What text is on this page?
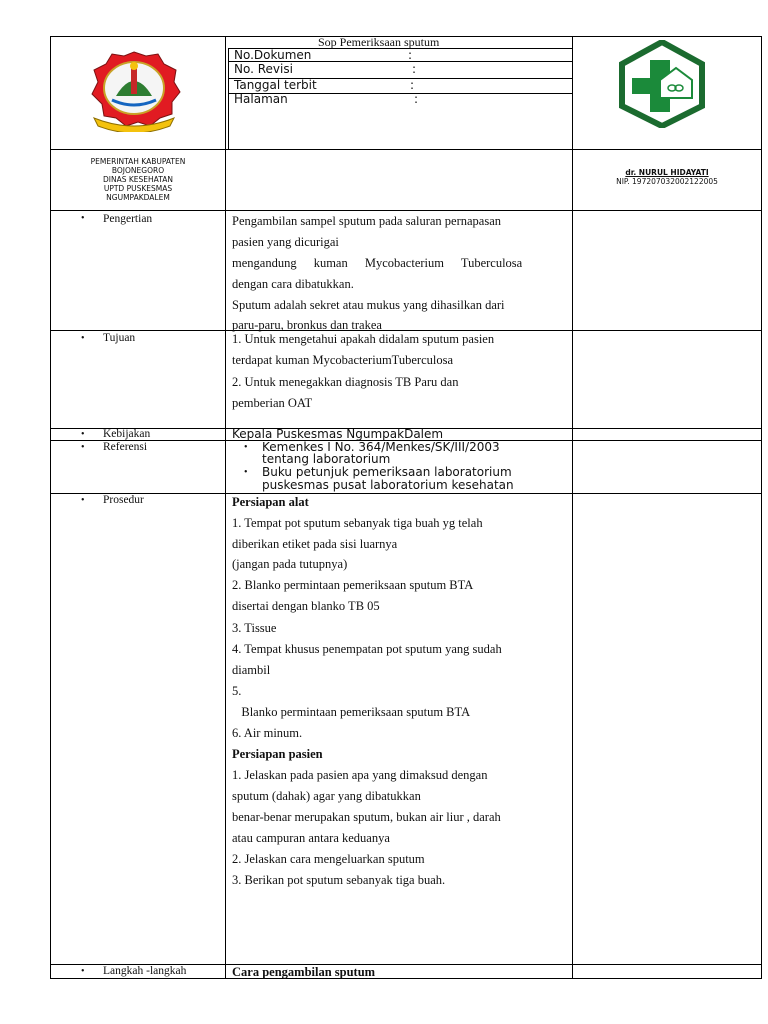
Sop Pemeriksaan sputum
No.Dokumen	:
No. Revisi	:
Tanggal terbit	:
Halaman	:
PEMERINTAH KABUPATEN
BOJONEGORO
DINAS KESEHATAN
UPTD PUSKESMAS
NGUMPAKDALEM
dr. NURUL HIDAYATI
NIP. 197207032002122005
• Pengertian	Pengambilan sampel sputum pada saluran pernapasan
pasien yang dicurigai
mengandung kuman Mycobacterium Tuberculosa
dengan cara dibatukkan.
Sputum adalah sekret atau mukus yang dihasilkan dari
paru-paru, bronkus dan trakea
• Tujuan	1. Untuk mengetahui apakah didalam sputum pasien
terdapat kuman MycobacteriumTuberculosa
2. Untuk menegakkan diagnosis TB Paru dan
pemberian OAT
• Kebijakan	Kepala Puskesmas NgumpakDalem
• Referensi	• Kemenkes I No. 364/Menkes/SK/III/2003
tentang laboratorium
• Buku petunjuk pemeriksaan laboratorium
puskesmas pusat laboratorium kesehatan
• Prosedur	Persiapan alat
1. Tempat pot sputum sebanyak tiga buah yg telah
diberikan etiket pada sisi luarnya
(jangan pada tutupnya)
2. Blanko permintaan pemeriksaan sputum BTA
disertai dengan blanko TB 05
3. Tissue
4. Tempat khusus penempatan pot sputum yang sudah
diambil
5.
Blanko permintaan pemeriksaan sputum BTA
6. Air minum.
Persiapan pasien
1. Jelaskan pada pasien apa yang dimaksud dengan
sputum (dahak) agar yang dibatukkan
benar-benar merupakan sputum, bukan air liur , darah
atau campuran antara keduanya
2. Jelaskan cara mengeluarkan sputum
3. Berikan pot sputum sebanyak tiga buah.
• Langkah -langkah	Cara pengambilan sputum
